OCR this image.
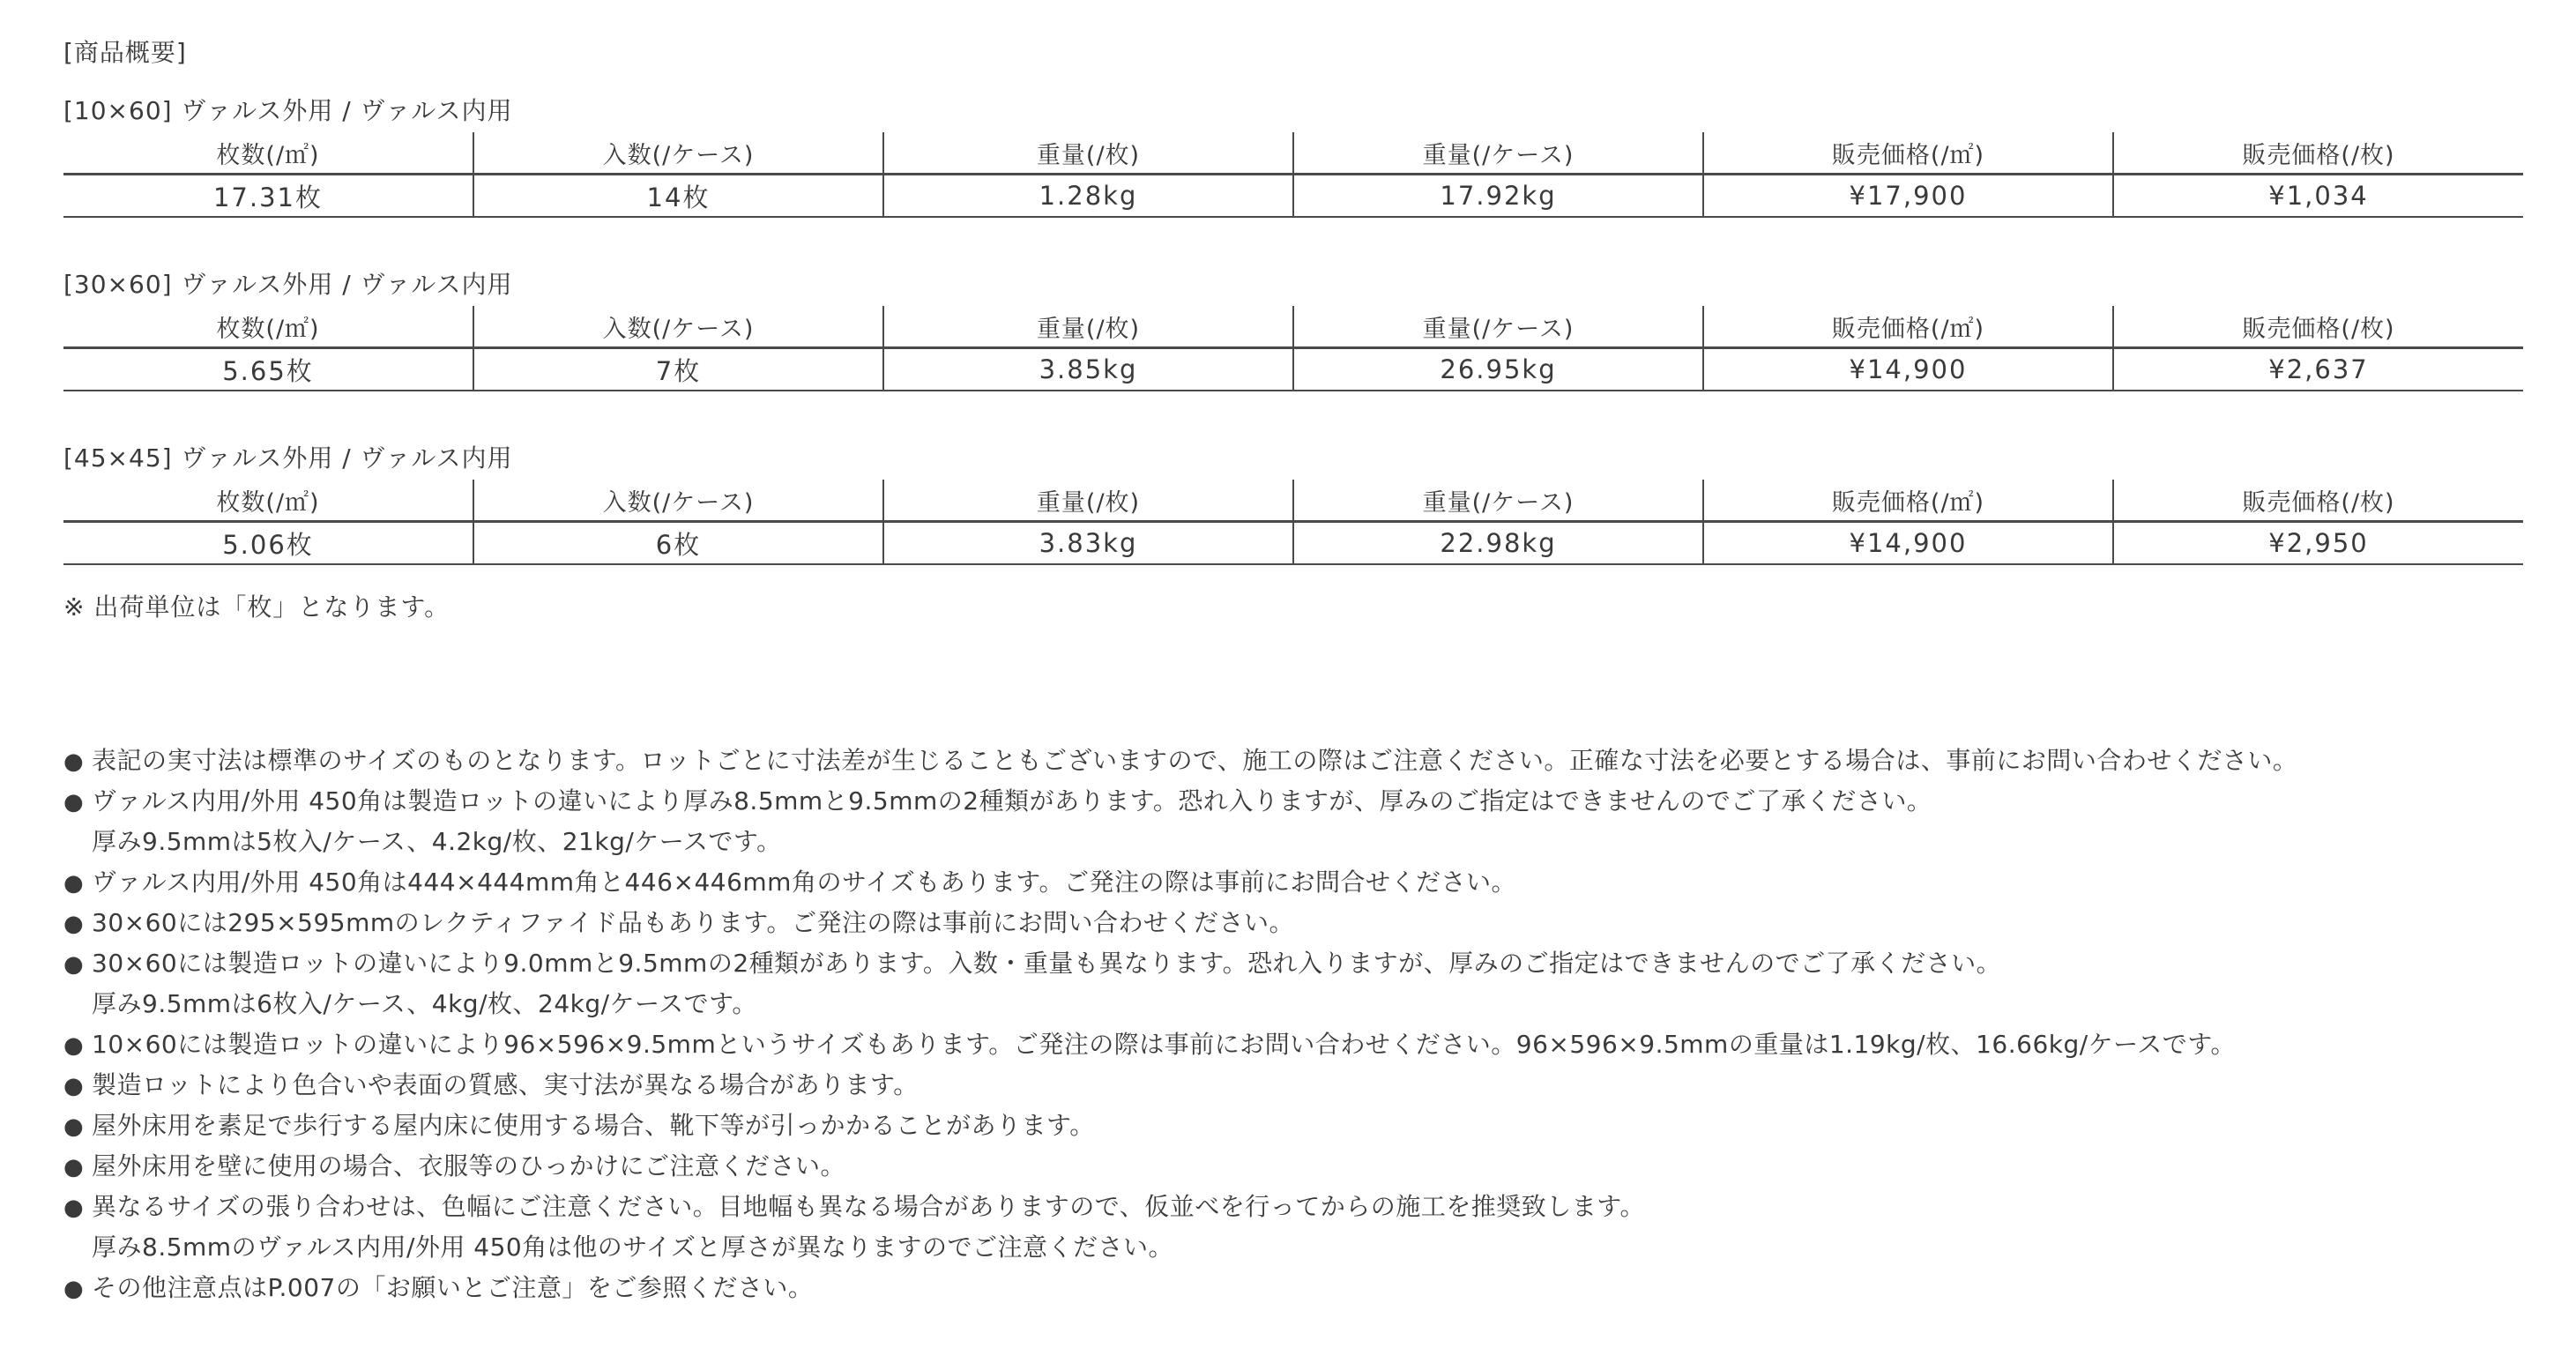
[商品概要]
[10×60] ヴァルス外用 / ヴァルス内用
枚数(/㎡)	入数(/ケース)	重量(/枚)	重量(/ケース)	販売価格(/㎡)	販売価格(/枚)
17.31枚	14枚	1.28kg	17.92kg	¥17,900	¥1,034
[30×60] ヴァルス外用 / ヴァルス内用
枚数(/㎡)	入数(/ケース)	重量(/枚)	重量(/ケース)	販売価格(/㎡)	販売価格(/枚)
5.65枚	7枚	3.85kg	26.95kg	¥14,900	¥2,637
[45×45] ヴァルス外用 / ヴァルス内用
枚数(/㎡)	入数(/ケース)	重量(/枚)	重量(/ケース)	販売価格(/㎡)	販売価格(/枚)
5.06枚	6枚	3.83kg	22.98kg	¥14,900	¥2,950
※ 出荷単位は「枚」となります。
● 表記の実寸法は標準のサイズのものとなります。ロットごとに寸法差が生じることもございますので、施工の際はご注意ください。正確な寸法を必要とする場合は、事前にお問い合わせください。
● ヴァルス内用/外用 450角は製造ロットの違いにより厚み8.5mmと9.5mmの2種類があります。恐れ入りますが、厚みのご指定はできませんのでご了承ください。
厚み9.5mmは5枚入/ケース、4.2kg/枚、21kg/ケースです。
● ヴァルス内用/外用 450角は444×444mm角と446×446mm角のサイズもあります。ご発注の際は事前にお問合せください。
● 30×60には295×595mmのレクティファイド品もあります。ご発注の際は事前にお問い合わせください。
● 30×60には製造ロットの違いにより9.0mmと9.5mmの2種類があります。入数・重量も異なります。恐れ入りますが、厚みのご指定はできませんのでご了承ください。
厚み9.5mmは6枚入/ケース、4kg/枚、24kg/ケースです。
● 10×60には製造ロットの違いにより96×596×9.5mmというサイズもあります。ご発注の際は事前にお問い合わせください。96×596×9.5mmの重量は1.19kg/枚、16.66kg/ケースです。
● 製造ロットにより色合いや表面の質感、実寸法が異なる場合があります。
● 屋外床用を素足で歩行する屋内床に使用する場合、靴下等が引っかかることがあります。
● 屋外床用を壁に使用の場合、衣服等のひっかけにご注意ください。
● 異なるサイズの張り合わせは、色幅にご注意ください。目地幅も異なる場合がありますので、仮並べを行ってからの施工を推奨致します。
厚み8.5mmのヴァルス内用/外用 450角は他のサイズと厚さが異なりますのでご注意ください。
● その他注意点はP.007の「お願いとご注意」をご参照ください。
